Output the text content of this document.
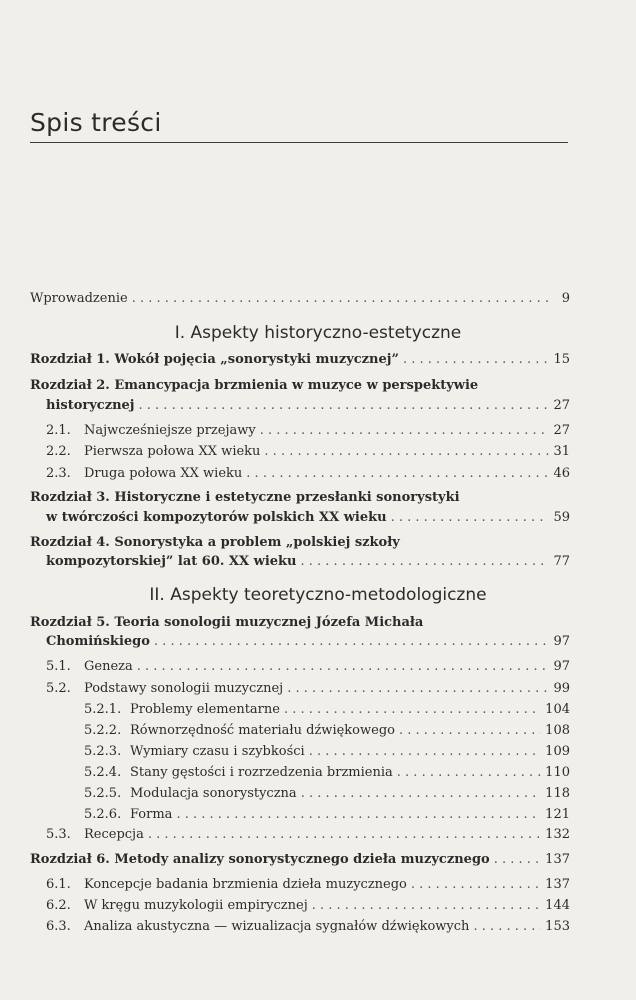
Spis treści
Wprowadzenie . . .	9
I. Aspekty historyczno-estetyczne
Rozdział 1. Wokół pojęcia „sonorystyki muzycznej” . . .	15
Rozdział 2. Emancypacja brzmienia w muzyce w perspektywie
historycznej . . .	27
2.1. Najwcześniejsze przejawy . . .	27
2.2. Pierwsza połowa XX wieku . . .	31
2.3. Druga połowa XX wieku . . .	46
Rozdział 3. Historyczne i estetyczne przesłanki sonorystyki
w twórczości kompozytorów polskich XX wieku . . .	59
Rozdział 4. Sonorystyka a problem „polskiej szkoły
kompozytorskiej” lat 60. XX wieku . . .	77
II. Aspekty teoretyczno-metodologiczne
Rozdział 5. Teoria sonologii muzycznej Józefa Michała
Chomińskiego . . .	97
5.1. Geneza . . .	97
5.2. Podstawy sonologii muzycznej . . .	99
5.2.1. Problemy elementarne . . .	104
5.2.2. Równorzędność materiału dźwiękowego . . .	108
5.2.3. Wymiary czasu i szybkości . . .	109
5.2.4. Stany gęstości i rozrzedzenia brzmienia . . .	110
5.2.5. Modulacja sonorystyczna . . .	118
5.2.6. Forma . . .	121
5.3. Recepcja . . .	132
Rozdział 6. Metody analizy sonorystycznego dzieła muzycznego . . .	137
6.1. Koncepcje badania brzmienia dzieła muzycznego . . .	137
6.2. W kręgu muzykologii empirycznej . . .	144
6.3. Analiza akustyczna — wizualizacja sygnałów dźwiękowych . . .	153
